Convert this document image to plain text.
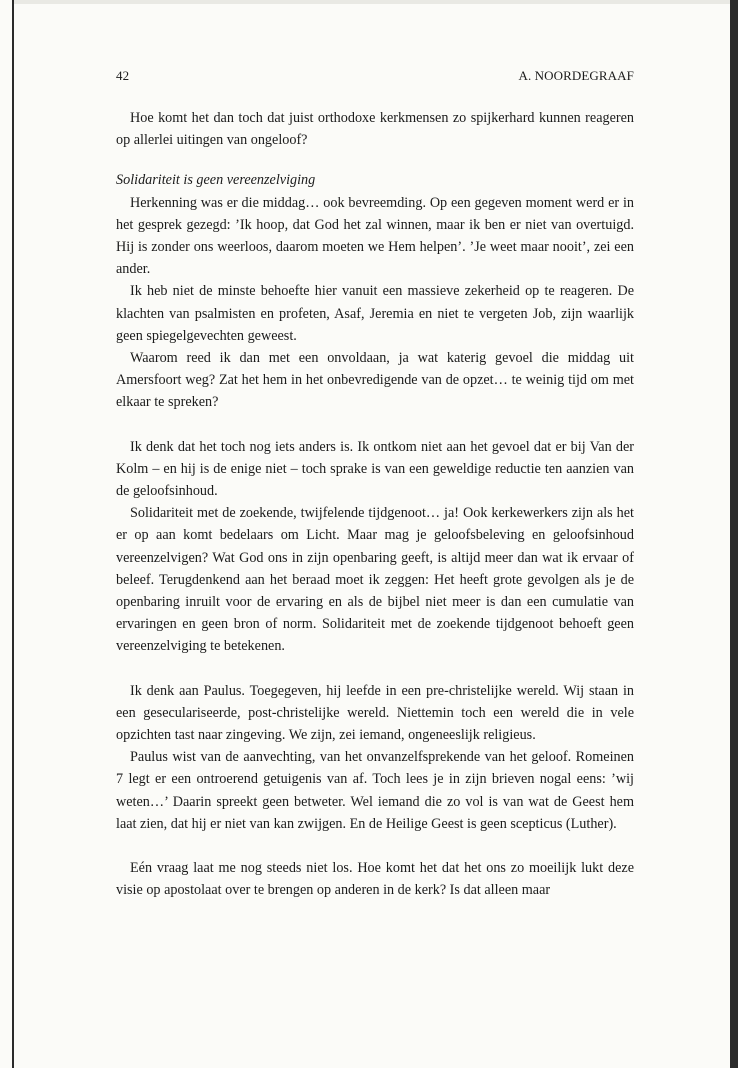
42	A. NOORDEGRAAF

Hoe komt het dan toch dat juist orthodoxe kerkmensen zo spijkerhard kunnen reageren op allerlei uitingen van ongeloof?

Solidariteit is geen vereenzelviging

Herkenning was er die middag… ook bevreemding. Op een gegeven moment werd er in het gesprek gezegd: ’Ik hoop, dat God het zal winnen, maar ik ben er niet van overtuigd. Hij is zonder ons weerloos, daarom moeten we Hem helpen’. ’Je weet maar nooit’, zei een ander.

Ik heb niet de minste behoefte hier vanuit een massieve zekerheid op te reageren. De klachten van psalmisten en profeten, Asaf, Jeremia en niet te vergeten Job, zijn waarlijk geen spiegelgevechten geweest.

Waarom reed ik dan met een onvoldaan, ja wat katerig gevoel die middag uit Amersfoort weg? Zat het hem in het onbevredigende van de opzet… te weinig tijd om met elkaar te spreken?

Ik denk dat het toch nog iets anders is. Ik ontkom niet aan het gevoel dat er bij Van der Kolm – en hij is de enige niet – toch sprake is van een geweldige reductie ten aanzien van de geloofsinhoud.

Solidariteit met de zoekende, twijfelende tijdgenoot… ja! Ook kerkewerkers zijn als het er op aan komt bedelaars om Licht. Maar mag je geloofsbeleving en geloofsinhoud vereenzelvigen? Wat God ons in zijn openbaring geeft, is altijd meer dan wat ik ervaar of beleef. Terugdenkend aan het beraad moet ik zeggen: Het heeft grote gevolgen als je de openbaring inruilt voor de ervaring en als de bijbel niet meer is dan een cumulatie van ervaringen en geen bron of norm. Solidariteit met de zoekende tijdgenoot behoeft geen vereenzelviging te betekenen.

Ik denk aan Paulus. Toegegeven, hij leefde in een pre-christelijke wereld. Wij staan in een geseculariseerde, post-christelijke wereld. Niettemin toch een wereld die in vele opzichten tast naar zingeving. We zijn, zei iemand, ongeneeslijk religieus.

Paulus wist van de aanvechting, van het onvanzelfsprekende van het geloof. Romeinen 7 legt er een ontroerend getuigenis van af. Toch lees je in zijn brieven nogal eens: ’wij weten…’ Daarin spreekt geen betweter. Wel iemand die zo vol is van wat de Geest hem laat zien, dat hij er niet van kan zwijgen. En de Heilige Geest is geen scepticus (Luther).

Eén vraag laat me nog steeds niet los. Hoe komt het dat het ons zo moeilijk lukt deze visie op apostolaat over te brengen op anderen in de kerk? Is dat alleen maar
